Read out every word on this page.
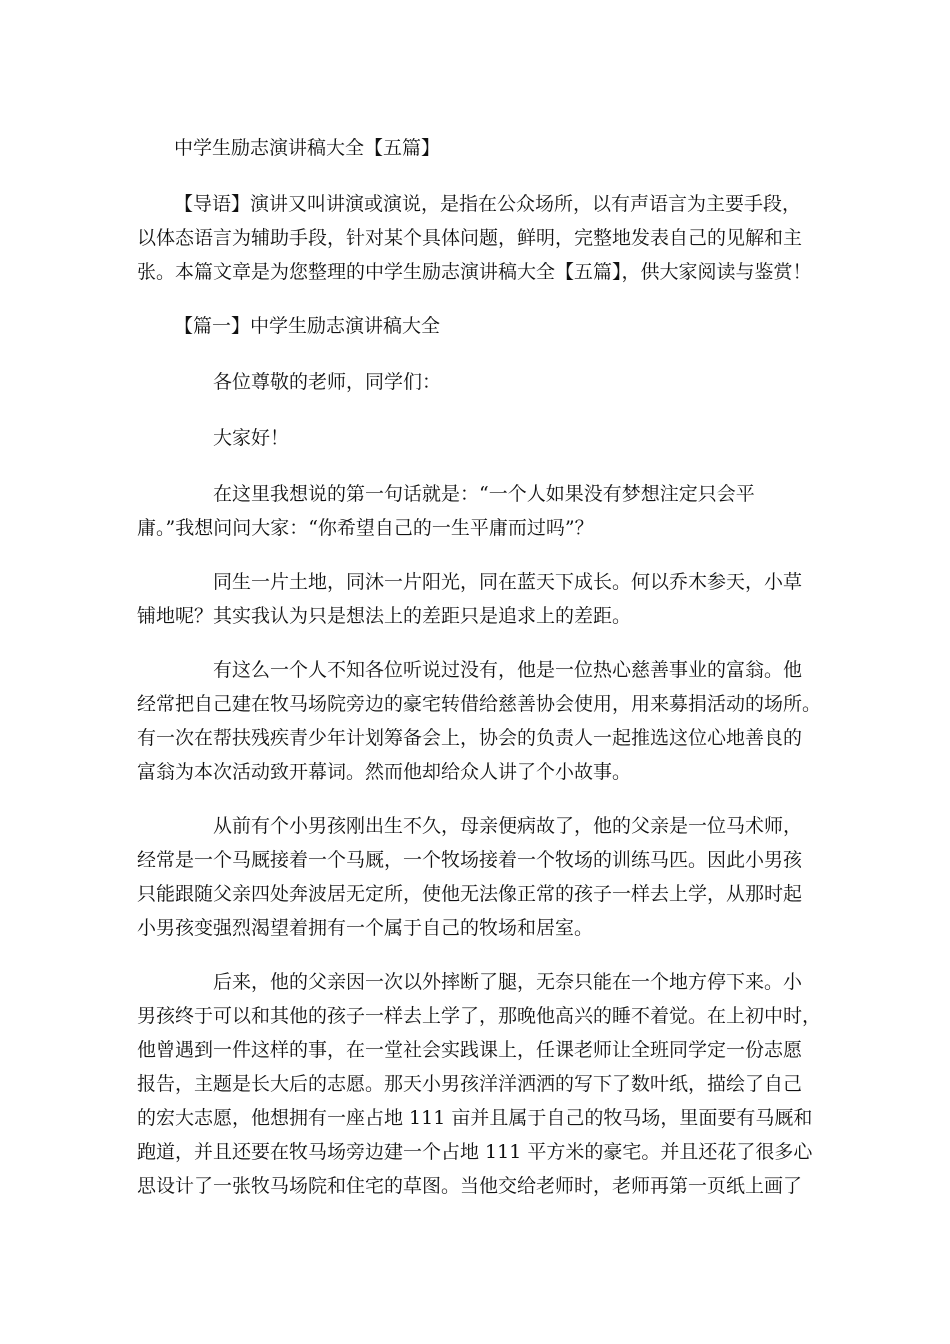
中学生励志演讲稿大全【五篇】
【导语】演讲又叫讲演或演说，是指在公众场所，以有声语言为主要手段，
以体态语言为辅助手段，针对某个具体问题，鲜明，完整地发表自己的见解和主
张。本篇文章是为您整理的中学生励志演讲稿大全【五篇】，供大家阅读与鉴赏！
【篇一】中学生励志演讲稿大全
各位尊敬的老师，同学们：
大家好！
在这里我想说的第一句话就是：“一个人如果没有梦想注定只会平
庸。”我想问问大家：“你希望自己的一生平庸而过吗”？
同生一片土地，同沐一片阳光，同在蓝天下成长。何以乔木参天，小草
铺地呢？其实我认为只是想法上的差距只是追求上的差距。
有这么一个人不知各位听说过没有，他是一位热心慈善事业的富翁。他
经常把自己建在牧马场院旁边的豪宅转借给慈善协会使用，用来募捐活动的场所。
有一次在帮扶残疾青少年计划筹备会上，协会的负责人一起推选这位心地善良的
富翁为本次活动致开幕词。然而他却给众人讲了个小故事。
从前有个小男孩刚出生不久，母亲便病故了，他的父亲是一位马术师，
经常是一个马厩接着一个马厩，一个牧场接着一个牧场的训练马匹。因此小男孩
只能跟随父亲四处奔波居无定所，使他无法像正常的孩子一样去上学，从那时起
小男孩变强烈渴望着拥有一个属于自己的牧场和居室。
后来，他的父亲因一次以外摔断了腿，无奈只能在一个地方停下来。小
男孩终于可以和其他的孩子一样去上学了，那晚他高兴的睡不着觉。在上初中时，
他曾遇到一件这样的事，在一堂社会实践课上，任课老师让全班同学定一份志愿
报告，主题是长大后的志愿。那天小男孩洋洋洒洒的写下了数叶纸，描绘了自己
的宏大志愿，他想拥有一座占地 111 亩并且属于自己的牧马场，里面要有马厩和
跑道，并且还要在牧马场旁边建一个占地 111 平方米的豪宅。并且还花了很多心
思设计了一张牧马场院和住宅的草图。当他交给老师时，老师再第一页纸上画了
